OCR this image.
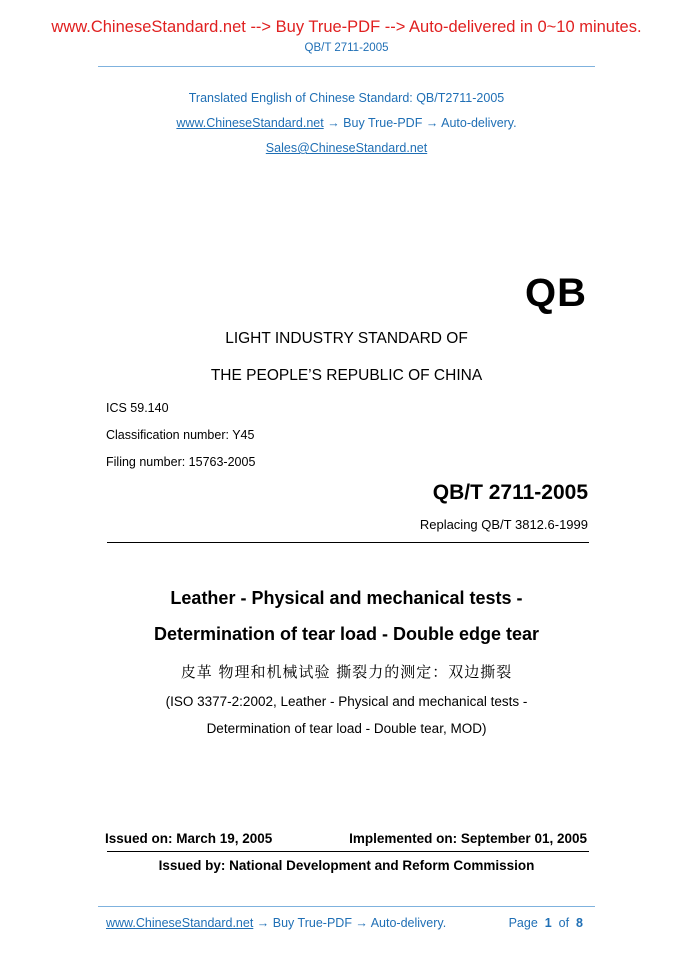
www.ChineseStandard.net --> Buy True-PDF --> Auto-delivered in 0~10 minutes.
QB/T 2711-2005
Translated English of Chinese Standard: QB/T2711-2005
www.ChineseStandard.net → Buy True-PDF → Auto-delivery.
Sales@ChineseStandard.net
QB
LIGHT INDUSTRY STANDARD OF
THE PEOPLE’S REPUBLIC OF CHINA
ICS 59.140
Classification number: Y45
Filing number: 15763-2005
QB/T 2711-2005
Replacing QB/T 3812.6-1999
Leather - Physical and mechanical tests -
Determination of tear load - Double edge tear
皮革 物理和机械试验 撕裂力的测定：双边撕裂
(ISO 3377-2:2002, Leather - Physical and mechanical tests -
Determination of tear load - Double tear, MOD)
Issued on: March 19, 2005	Implemented on: September 01, 2005
Issued by: National Development and Reform Commission
www.ChineseStandard.net → Buy True-PDF → Auto-delivery.	Page 1 of 8
